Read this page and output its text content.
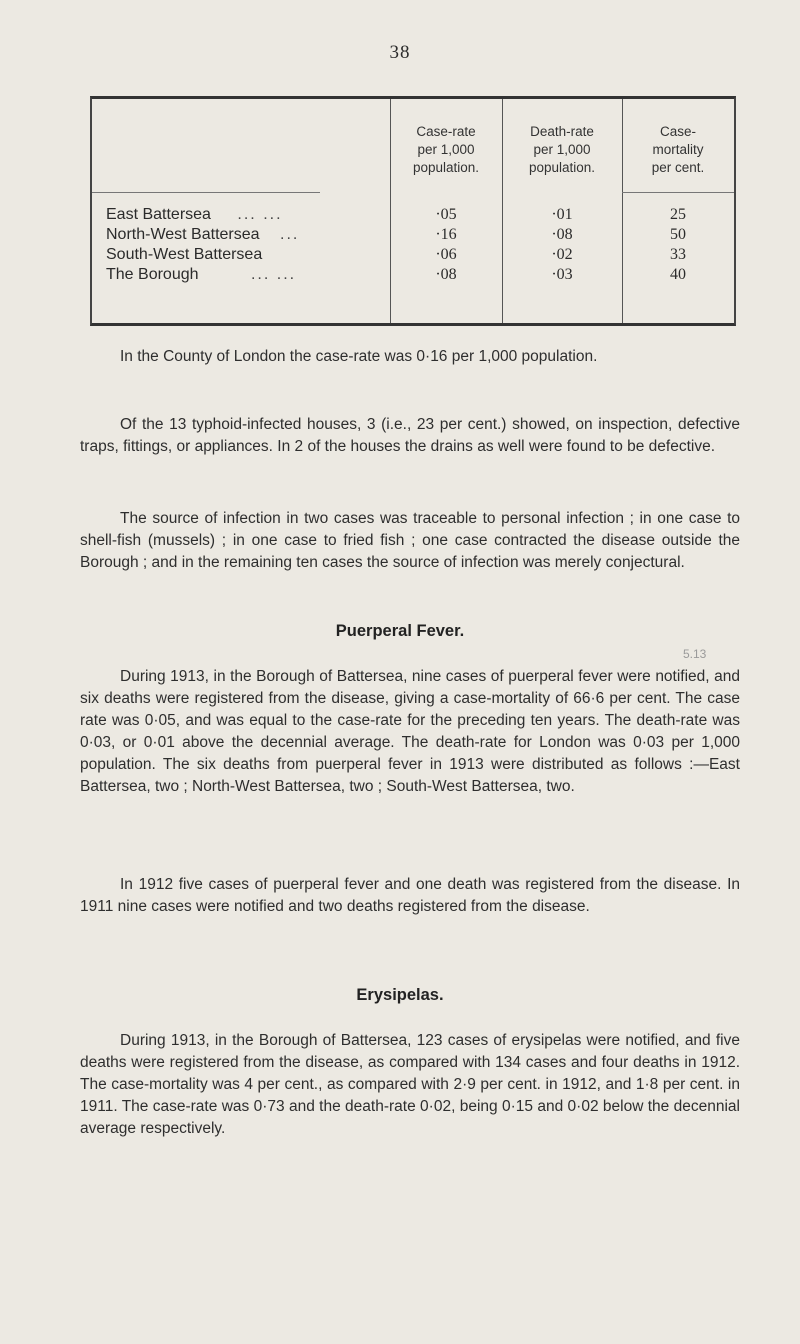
38
Case-rate
per 1,000
population.
Death-rate
per 1,000
population.
Case-
mortality
per cent.
East Battersea ... ...	·05	·01	25
North-West Battersea ...	·16	·08	50
South-West Battersea	·06	·02	33
The Borough	... ...	·08	·03	40
In the County of London the case-rate was 0·16 per 1,000 population.
Of the 13 typhoid-infected houses, 3 (i.e., 23 per cent.) showed, on inspection, defective traps, fittings, or appliances. In 2 of the houses the drains as well were found to be defective.
The source of infection in two cases was traceable to personal infection ; in one case to shell-fish (mussels) ; in one case to fried fish ; one case contracted the disease outside the Borough ; and in the remaining ten cases the source of infection was merely conjectural.
Puerperal Fever.
5.13
During 1913, in the Borough of Battersea, nine cases of puerperal fever were notified, and six deaths were registered from the disease, giving a case-mortality of 66·6 per cent. The case rate was 0·05, and was equal to the case-rate for the preceding ten years. The death-rate was 0·03, or 0·01 above the decennial average. The death-rate for London was 0·03 per 1,000 population. The six deaths from puerperal fever in 1913 were distributed as follows :—East Battersea, two ; North-West Battersea, two ; South-West Battersea, two.
In 1912 five cases of puerperal fever and one death was registered from the disease. In 1911 nine cases were notified and two deaths registered from the disease.
Erysipelas.
During 1913, in the Borough of Battersea, 123 cases of erysipelas were notified, and five deaths were registered from the disease, as compared with 134 cases and four deaths in 1912. The case-mortality was 4 per cent., as compared with 2·9 per cent. in 1912, and 1·8 per cent. in 1911. The case-rate was 0·73 and the death-rate 0·02, being 0·15 and 0·02 below the decennial average respectively.
